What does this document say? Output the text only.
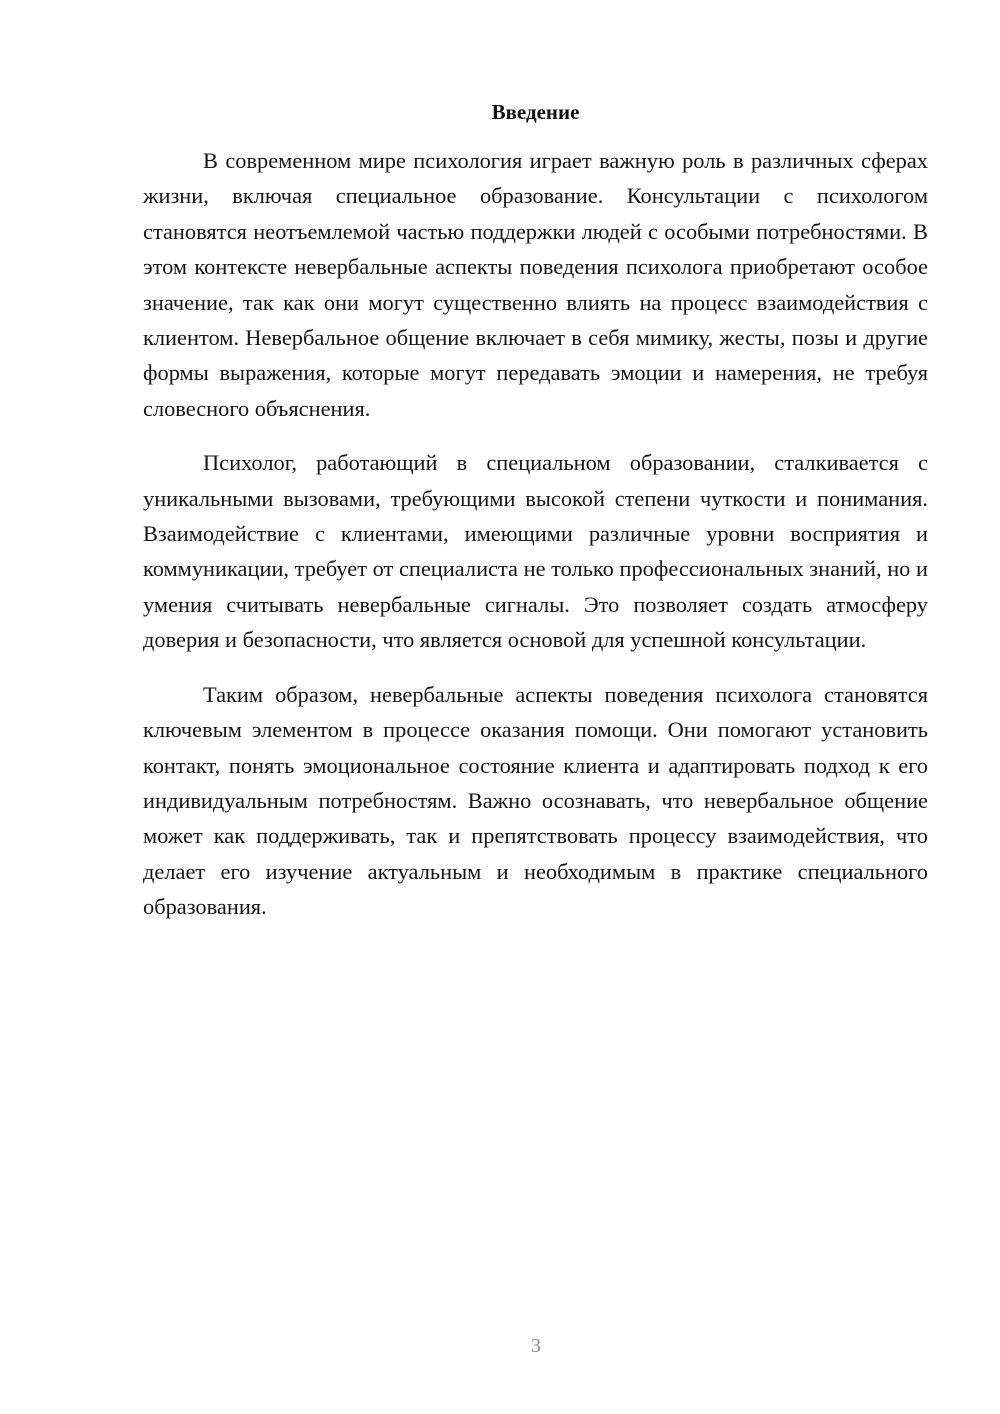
Введение

В современном мире психология играет важную роль в различных сферах жизни, включая специальное образование. Консультации с психологом становятся неотъемлемой частью поддержки людей с особыми потребностями. В этом контексте невербальные аспекты поведения психолога приобретают особое значение, так как они могут существенно влиять на процесс взаимодействия с клиентом. Невербальное общение включает в себя мимику, жесты, позы и другие формы выражения, которые могут передавать эмоции и намерения, не требуя словесного объяснения.

Психолог, работающий в специальном образовании, сталкивается с уникальными вызовами, требующими высокой степени чуткости и понимания. Взаимодействие с клиентами, имеющими различные уровни восприятия и коммуникации, требует от специалиста не только профессиональных знаний, но и умения считывать невербальные сигналы. Это позволяет создать атмосферу доверия и безопасности, что является основой для успешной консультации.

Таким образом, невербальные аспекты поведения психолога становятся ключевым элементом в процессе оказания помощи. Они помогают установить контакт, понять эмоциональное состояние клиента и адаптировать подход к его индивидуальным потребностям. Важно осознавать, что невербальное общение может как поддерживать, так и препятствовать процессу взаимодействия, что делает его изучение актуальным и необходимым в практике специального образования.

3
